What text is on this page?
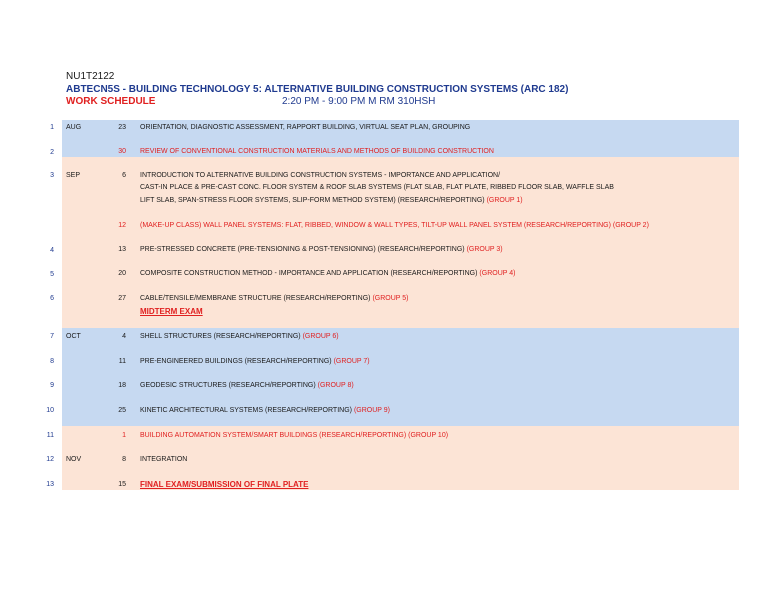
NU1T2122
ABTECN5S - BUILDING TECHNOLOGY 5: ALTERNATIVE BUILDING CONSTRUCTION SYSTEMS (ARC 182)
WORK SCHEDULE	2:20 PM - 9:00 PM M RM 310HSH
1 AUG	23 ORIENTATION, DIAGNOSTIC ASSESSMENT, RAPPORT BUILDING, VIRTUAL SEAT PLAN, GROUPING
2	30 REVIEW OF CONVENTIONAL CONSTRUCTION MATERIALS AND METHODS OF BUILDING CONSTRUCTION
3 SEP	6 INTRODUCTION TO ALTERNATIVE BUILDING CONSTRUCTION SYSTEMS - IMPORTANCE AND APPLICATION/
CAST-IN PLACE & PRE-CAST CONC. FLOOR SYSTEM & ROOF SLAB SYSTEMS (FLAT SLAB, FLAT PLATE, RIBBED FLOOR SLAB, WAFFLE SLAB
LIFT SLAB, SPAN-STRESS FLOOR SYSTEMS, SLIP-FORM METHOD SYSTEM) (RESEARCH/REPORTING) (GROUP 1)
12 (MAKE-UP CLASS) WALL PANEL SYSTEMS: FLAT, RIBBED, WINDOW & WALL TYPES, TILT-UP WALL PANEL SYSTEM (RESEARCH/REPORTING) (GROUP 2)
4	13 PRE-STRESSED CONCRETE (PRE-TENSIONING & POST-TENSIONING) (RESEARCH/REPORTING) (GROUP 3)
5	20 COMPOSITE CONSTRUCTION METHOD - IMPORTANCE AND APPLICATION (RESEARCH/REPORTING) (GROUP 4)
6	27 CABLE/TENSILE/MEMBRANE STRUCTURE (RESEARCH/REPORTING) (GROUP 5)
MIDTERM EXAM
7 OCT	4 SHELL STRUCTURES (RESEARCH/REPORTING) (GROUP 6)
8	11 PRE-ENGINEERED BUILDINGS (RESEARCH/REPORTING) (GROUP 7)
9	18 GEODESIC STRUCTURES (RESEARCH/REPORTING) (GROUP 8)
10	25 KINETIC ARCHITECTURAL SYSTEMS (RESEARCH/REPORTING) (GROUP 9)
11	1 BUILDING AUTOMATION SYSTEM/SMART BUILDINGS (RESEARCH/REPORTING) (GROUP 10)
12 NOV	8 INTEGRATION
13	15 FINAL EXAM/SUBMISSION OF FINAL PLATE
